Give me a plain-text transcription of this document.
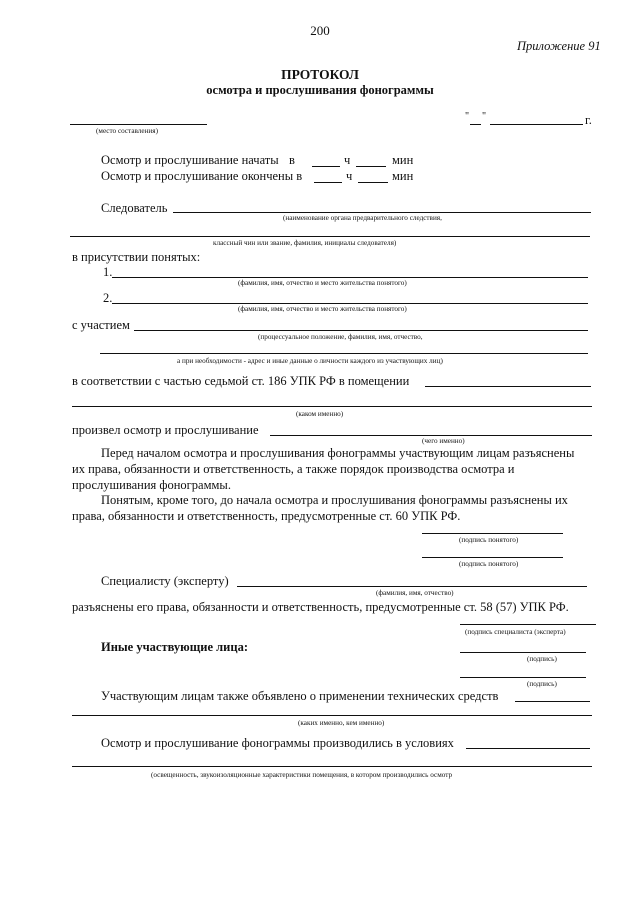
200
Приложение 91
ПРОТОКОЛ
осмотра и прослушивания фонограммы
(место составления)
" "	г.
Осмотр и прослушивание начаты в	ч	мин
Осмотр и прослушивание окончены в	ч	мин
Следователь
(наименование органа предварительного следствия,
классный чин или звание, фамилия, инициалы следователя)
в присутствии понятых:
1.
(фамилия, имя, отчество и место жительства понятого)
2.
(фамилия, имя, отчество и место жительства понятого)
с участием
(процессуальное положение, фамилия, имя, отчество,
а при необходимости - адрес и иные данные о личности каждого из участвующих лиц)
в соответствии с частью седьмой ст. 186 УПК РФ в помещении
(каком именно)
произвел осмотр и прослушивание
(чего именно)
Перед началом осмотра и прослушивания фонограммы участвующим лицам разъяснены
их права, обязанности и ответственность, а также порядок производства осмотра и
прослушивания фонограммы.
Понятым, кроме того, до начала осмотра и прослушивания фонограммы разъяснены их
права, обязанности и ответственность, предусмотренные ст. 60 УПК РФ.
(подпись понятого)
(подпись понятого)
Специалисту (эксперту)
(фамилия, имя, отчество)
разъяснены его права, обязанности и ответственность, предусмотренные ст. 58 (57) УПК РФ.
(подпись специалиста (эксперта)
Иные участвующие лица:
(подпись)
(подпись)
Участвующим лицам также объявлено о применении технических средств
(каких именно, кем именно)
Осмотр и прослушивание фонограммы производились в условиях
(освещенность, звукоизоляционные характеристики помещения, в котором производились осмотр
